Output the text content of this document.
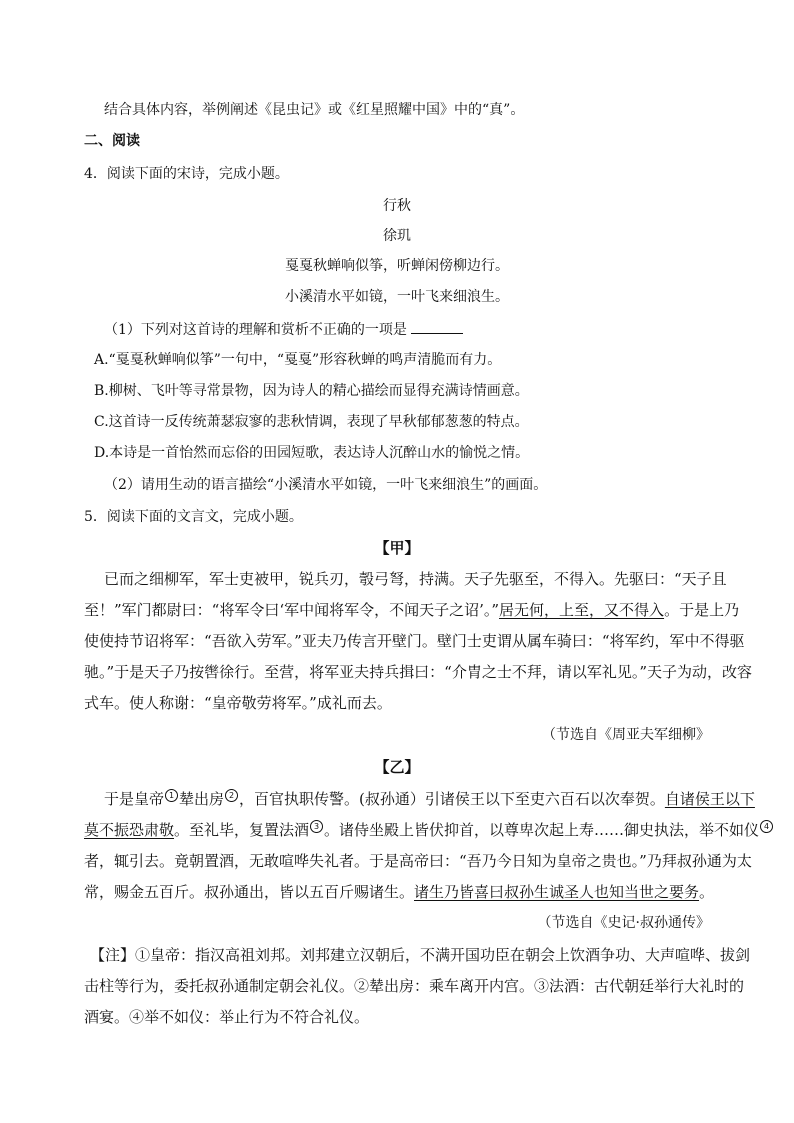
结合具体内容，举例阐述《昆虫记》或《红星照耀中国》中的“真”。
二、阅读
4．阅读下面的宋诗，完成小题。
行秋
徐玑
戛戛秋蝉响似筝，听蝉闲傍柳边行。
小溪清水平如镜，一叶飞来细浪生。
（1）下列对这首诗的理解和赏析不正确的一项是
A.“戛戛秋蝉响似筝”一句中，“戛戛”形容秋蝉的鸣声清脆而有力。
B.柳树、飞叶等寻常景物，因为诗人的精心描绘而显得充满诗情画意。
C.这首诗一反传统萧瑟寂寥的悲秋情调，表现了早秋郁郁葱葱的特点。
D.本诗是一首怡然而忘俗的田园短歌，表达诗人沉醉山水的愉悦之情。
（2）请用生动的语言描绘“小溪清水平如镜，一叶飞来细浪生”的画面。
5．阅读下面的文言文，完成小题。
【甲】
已而之细柳军，军士吏被甲，锐兵刃，彀弓弩，持满。天子先驱至，不得入。先驱曰：“天子且
至！”军门都尉曰：“将军令曰‘军中闻将军令，不闻天子之诏’。”居无何，上至，又不得入。于是上乃
使使持节诏将军：“吾欲入劳军。”亚夫乃传言开壁门。壁门士吏谓从属车骑曰：“将军约，军中不得驱
驰。”于是天子乃按辔徐行。至营，将军亚夫持兵揖曰：“介胄之士不拜，请以军礼见。”天子为动，改容
式车。使人称谢：“皇帝敬劳将军。”成礼而去。
（节选自《周亚夫军细柳》
【乙】
于是皇帝 1 辇出房 2 ，百官执职传警。(叔孙通）引诸侯王以下至吏六百石以次奉贺。自诸侯王以下
莫不振恐肃敬。至礼毕，复置法酒 3 。诸侍坐殿上皆伏抑首，以尊卑次起上寿……御史执法，举不如仪 4
者，辄引去。竟朝置酒，无敢喧哗失礼者。于是高帝曰：“吾乃今日知为皇帝之贵也。”乃拜叔孙通为太
常，赐金五百斤。叔孙通出，皆以五百斤赐诸生。诸生乃皆喜曰叔孙生诚圣人也知当世之要务。
（节选自《史记·叔孙通传》
【注】①皇帝：指汉高祖刘邦。刘邦建立汉朝后，不满开国功臣在朝会上饮酒争功、大声喧哗、拔剑
击柱等行为，委托叔孙通制定朝会礼仪。②辇出房：乘车离开内宫。③法酒：古代朝廷举行大礼时的
酒宴。④举不如仪：举止行为不符合礼仪。
